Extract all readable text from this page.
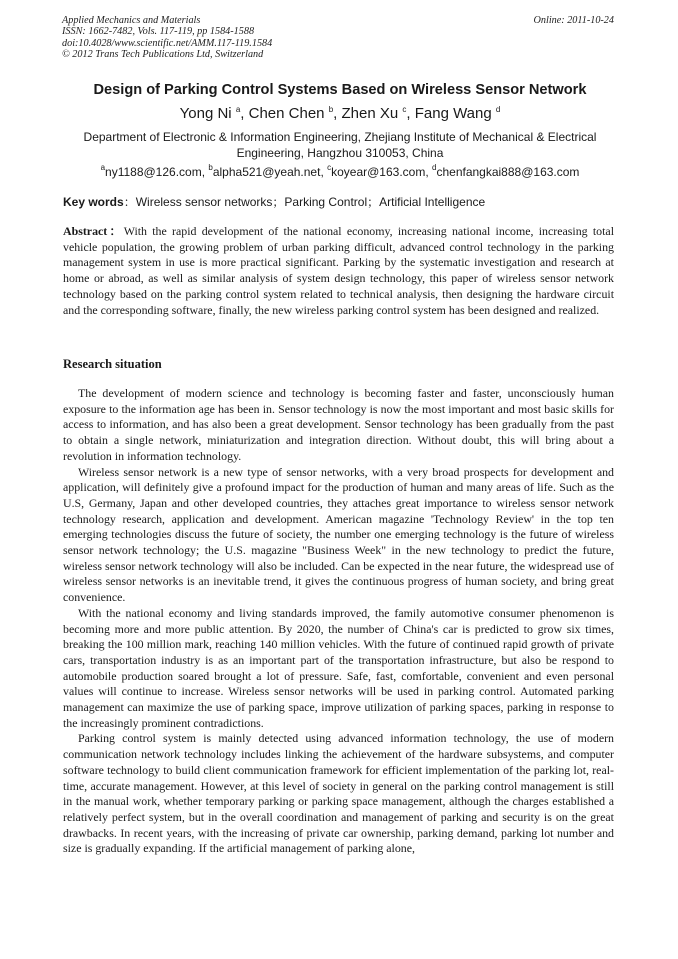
Applied Mechanics and Materials
ISSN: 1662-7482, Vols. 117-119, pp 1584-1588
doi:10.4028/www.scientific.net/AMM.117-119.1584
© 2012 Trans Tech Publications Ltd, Switzerland
Online: 2011-10-24
Design of Parking Control Systems Based on Wireless Sensor Network
Yong Ni $^a$, Chen Chen $^b$, Zhen Xu $^c$, Fang Wang $^d$
Department of Electronic & Information Engineering, Zhejiang Institute of Mechanical & Electrical Engineering, Hangzhou 310053, China
$^a$ny1188@126.com, $^b$alpha521@yeah.net, $^c$koyear@163.com, $^d$chenfangkai888@163.com
Key words：Wireless sensor networks；Parking Control；Artificial Intelligence
Abstract：With the rapid development of the national economy, increasing national income, increasing total vehicle population, the growing problem of urban parking difficult, advanced control technology in the parking management system in use is more practical significant. Parking by the systematic investigation and research at home or abroad, as well as similar analysis of system design technology, this paper of wireless sensor network technology based on the parking control system related to technical analysis, then designing the hardware circuit and the corresponding software, finally, the new wireless parking control system has been designed and realized.
Research situation

The development of modern science and technology is becoming faster and faster, unconsciously human exposure to the information age has been in. Sensor technology is now the most important and most basic skills for access to information, and has also been a great development. Sensor technology has been gradually from the past to obtain a single network, miniaturization and integration direction. Without doubt, this will bring about a revolution in information technology.

Wireless sensor network is a new type of sensor networks, with a very broad prospects for development and application, will definitely give a profound impact for the production of human and many areas of life. Such as the U.S, Germany, Japan and other developed countries, they attaches great importance to wireless sensor network technology research, application and development. American magazine 'Technology Review' in the top ten emerging technologies discuss the future of society, the number one emerging technology is the future of wireless sensor network technology; the U.S. magazine "Business Week" in the new technology to predict the future, wireless sensor network technology will also be included. Can be expected in the near future, the widespread use of wireless sensor networks is an inevitable trend, it gives the continuous progress of human society, and bring great convenience.

With the national economy and living standards improved, the family automotive consumer phenomenon is becoming more and more public attention. By 2020, the number of China's car is predicted to grow six times, breaking the 100 million mark, reaching 140 million vehicles. With the future of continued rapid growth of private cars, transportation industry is as an important part of the transportation infrastructure, but also be respond to automobile production soared brought a lot of pressure. Safe, fast, comfortable, convenient and even personal values will continue to increase. Wireless sensor networks will be used in parking control. Automated parking management can maximize the use of parking space, improve utilization of parking spaces, parking in response to the increasingly prominent contradictions.

Parking control system is mainly detected using advanced information technology, the use of modern communication network technology includes linking the achievement of the hardware subsystems, and computer software technology to build client communication framework for efficient implementation of the parking lot, real-time, accurate management. However, at this level of society in general on the parking control management is still in the manual work, whether temporary parking or parking space management, although the charges established a relatively perfect system, but in the overall coordination and management of parking and security is on the great drawbacks. In recent years, with the increasing of private car ownership, parking demand, parking lot number and size is gradually expanding. If the artificial management of parking alone,
